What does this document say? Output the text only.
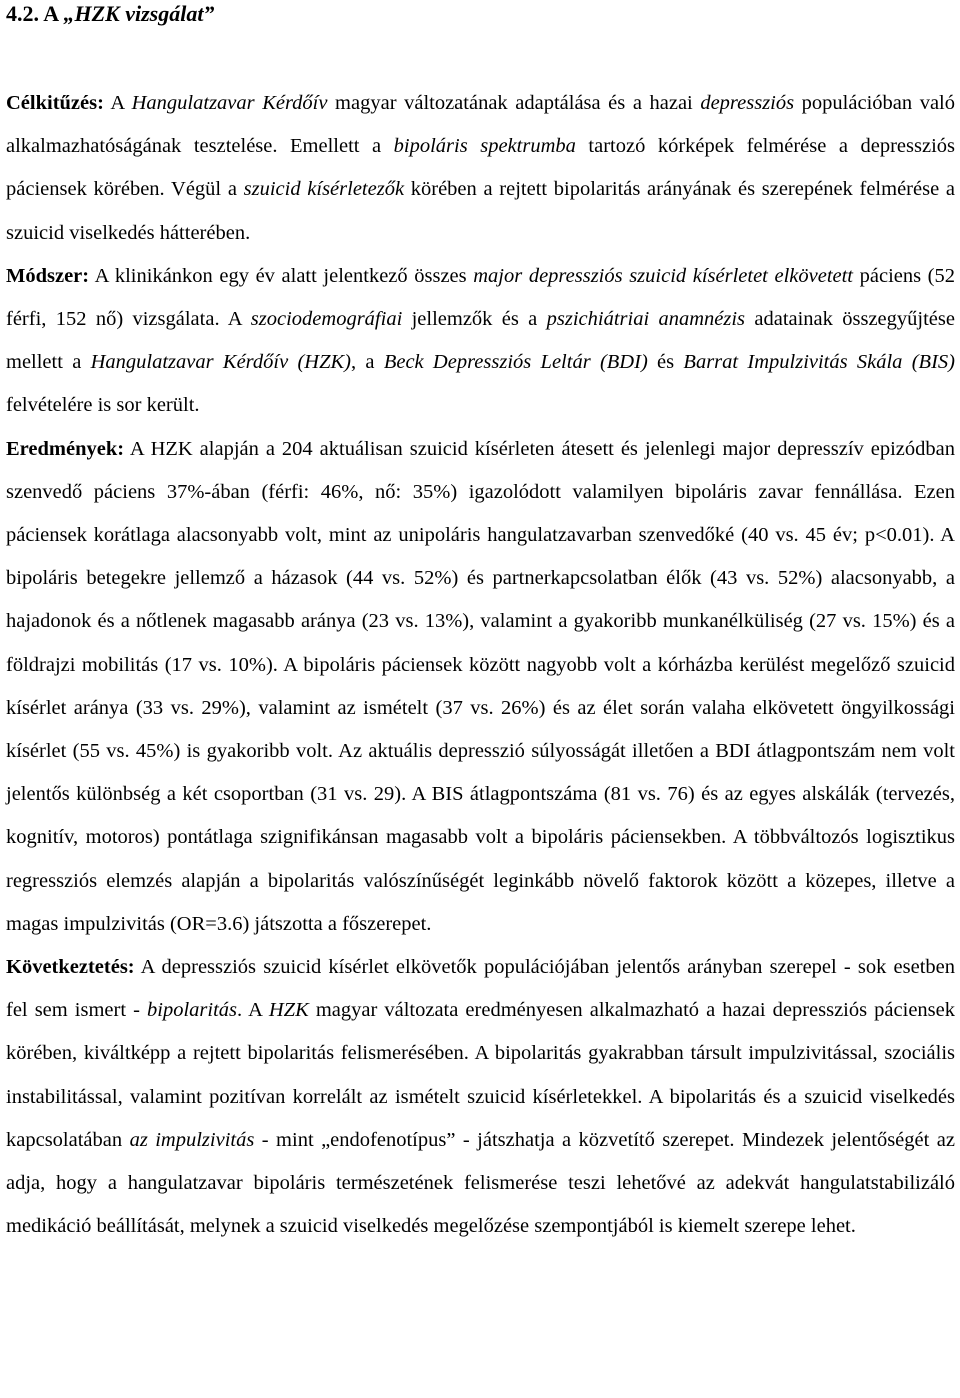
4.2. A „HZK vizsgálat”

Célkitűzés: A Hangulatzavar Kérdőív magyar változatának adaptálása és a hazai depressziós populációban való alkalmazhatóságának tesztelése. Emellett a bipoláris spektrumba tartozó kórképek felmérése a depressziós páciensek körében. Végül a szuicid kísérletezők körében a rejtett bipolaritás arányának és szerepének felmérése a szuicid viselkedés hátterében.

Módszer: A klinikánkon egy év alatt jelentkező összes major depressziós szuicid kísérletet elkövetett páciens (52 férfi, 152 nő) vizsgálata. A szociodemográfiai jellemzők és a pszichiátriai anamnézis adatainak összegyűjtése mellett a Hangulatzavar Kérdőív (HZK), a Beck Depressziós Leltár (BDI) és Barrat Impulzivitás Skála (BIS) felvételére is sor került.

Eredmények: A HZK alapján a 204 aktuálisan szuicid kísérleten átesett és jelenlegi major depresszív epizódban szenvedő páciens 37%-ában (férfi: 46%, nő: 35%) igazolódott valamilyen bipoláris zavar fennállása. Ezen páciensek korátlaga alacsonyabb volt, mint az unipoláris hangulatzavarban szenvedőké (40 vs. 45 év; p<0.01). A bipoláris betegekre jellemző a házasok (44 vs. 52%) és partnerkapcsolatban élők (43 vs. 52%) alacsonyabb, a hajadonok és a nőtlenek magasabb aránya (23 vs. 13%), valamint a gyakoribb munkanélküliség (27 vs. 15%) és a földrajzi mobilitás (17 vs. 10%). A bipoláris páciensek között nagyobb volt a kórházba kerülést megelőző szuicid kísérlet aránya (33 vs. 29%), valamint az ismételt (37 vs. 26%) és az élet során valaha elkövetett öngyilkossági kísérlet (55 vs. 45%) is gyakoribb volt. Az aktuális depresszió súlyosságát illetően a BDI átlagpontszám nem volt jelentős különbség a két csoportban (31 vs. 29). A BIS átlagpontszáma (81 vs. 76) és az egyes alskálák (tervezés, kognitív, motoros) pontátlaga szignifikánsan magasabb volt a bipoláris páciensekben. A többváltozós logisztikus regressziós elemzés alapján a bipolaritás valószínűségét leginkább növelő faktorok között a közepes, illetve a magas impulzivitás (OR=3.6) játszotta a főszerepet.

Következtetés: A depressziós szuicid kísérlet elkövetők populációjában jelentős arányban szerepel - sok esetben fel sem ismert - bipolaritás. A HZK magyar változata eredményesen alkalmazható a hazai depressziós páciensek körében, kiváltképp a rejtett bipolaritás felismerésében. A bipolaritás gyakrabban társult impulzivitással, szociális instabilitással, valamint pozitívan korrelált az ismételt szuicid kísérletekkel. A bipolaritás és a szuicid viselkedés kapcsolatában az impulzivitás - mint „endofenotípus” - játszhatja a közvetítő szerepet. Mindezek jelentőségét az adja, hogy a hangulatzavar bipoláris természetének felismerése teszi lehetővé az adekvát hangulatstabilizáló medikáció beállítását, melynek a szuicid viselkedés megelőzése szempontjából is kiemelt szerepe lehet.
